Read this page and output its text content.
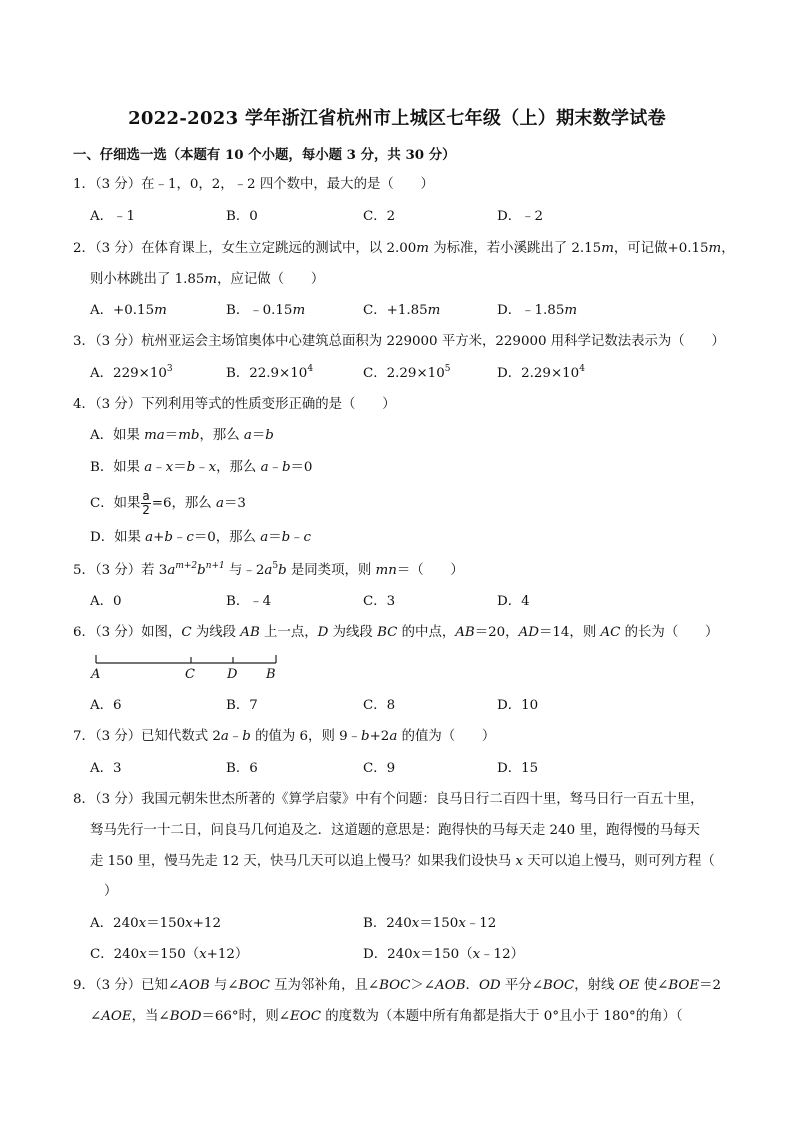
2022-2023 学年浙江省杭州市上城区七年级（上）期末数学试卷
一、仔细选一选（本题有 10 个小题，每小题 3 分，共 30 分）
1．（3 分）在﹣1，0，2，﹣2 四个数中，最大的是（　　）
A．﹣1	B．0	C．2	D．﹣2
2．（3 分）在体育课上，女生立定跳远的测试中，以 2.00m 为标准，若小溪跳出了 2.15m，可记做+0.15m，
则小林跳出了 1.85m，应记做（　　）
A．+0.15m	B．﹣0.15m	C．+1.85m	D．﹣1.85m
3．（3 分）杭州亚运会主场馆奥体中心建筑总面积为 229000 平方米，229000 用科学记数法表示为（　　）
A．$229\times 10^3$	B．$22.9\times 10^4$	C．$2.29\times 10^5$	D．$2.29\times 10^4$
4．（3 分）下列利用等式的性质变形正确的是（　　）
A．如果 ma＝mb，那么 a＝b
B．如果 a﹣x＝b﹣x，那么 a﹣b＝0
C．如果 $\frac{a}{2} =6$，那么 a＝3
D．如果 a+b﹣c＝0，那么 a＝b﹣c
5．（3 分）若 $3a^{m+2}b^{n+1}$ 与$﹣2a^5b$ 是同类项，则 mn＝（　　）
A．0	B．﹣4	C．3	D．4
6．（3 分）如图，C 为线段 AB 上一点，D 为线段 BC 的中点，AB＝20，AD＝14，则 AC 的长为（　　）
A	C D B
A．6	B．7	C．8	D．10
7．（3 分）已知代数式 2a﹣b 的值为 6，则 9﹣b+2a 的值为（　　）
A．3	B．6	C．9	D．15
8．（3 分）我国元朝朱世杰所著的《算学启蒙》中有个问题：良马日行二百四十里，驽马日行一百五十里，
驽马先行一十二日，问良马几何追及之．这道题的意思是：跑得快的马每天走 240 里，跑得慢的马每天
走 150 里，慢马先走 12 天，快马几天可以追上慢马？如果我们设快马 x 天可以追上慢马，则可列方程（
）
A．240x＝150x+12	B．240x＝150x﹣12
C．240x＝150（x+12）	D．240x＝150（x﹣12）
9．（3 分）已知∠AOB 与∠BOC 互为邻补角，且∠BOC＞∠AOB．OD 平分∠BOC，射线 OE 使∠BOE＝2
∠AOE，当∠BOD＝66°时，则∠EOC 的度数为（本题中所有角都是指大于 0°且小于 180°的角）（
